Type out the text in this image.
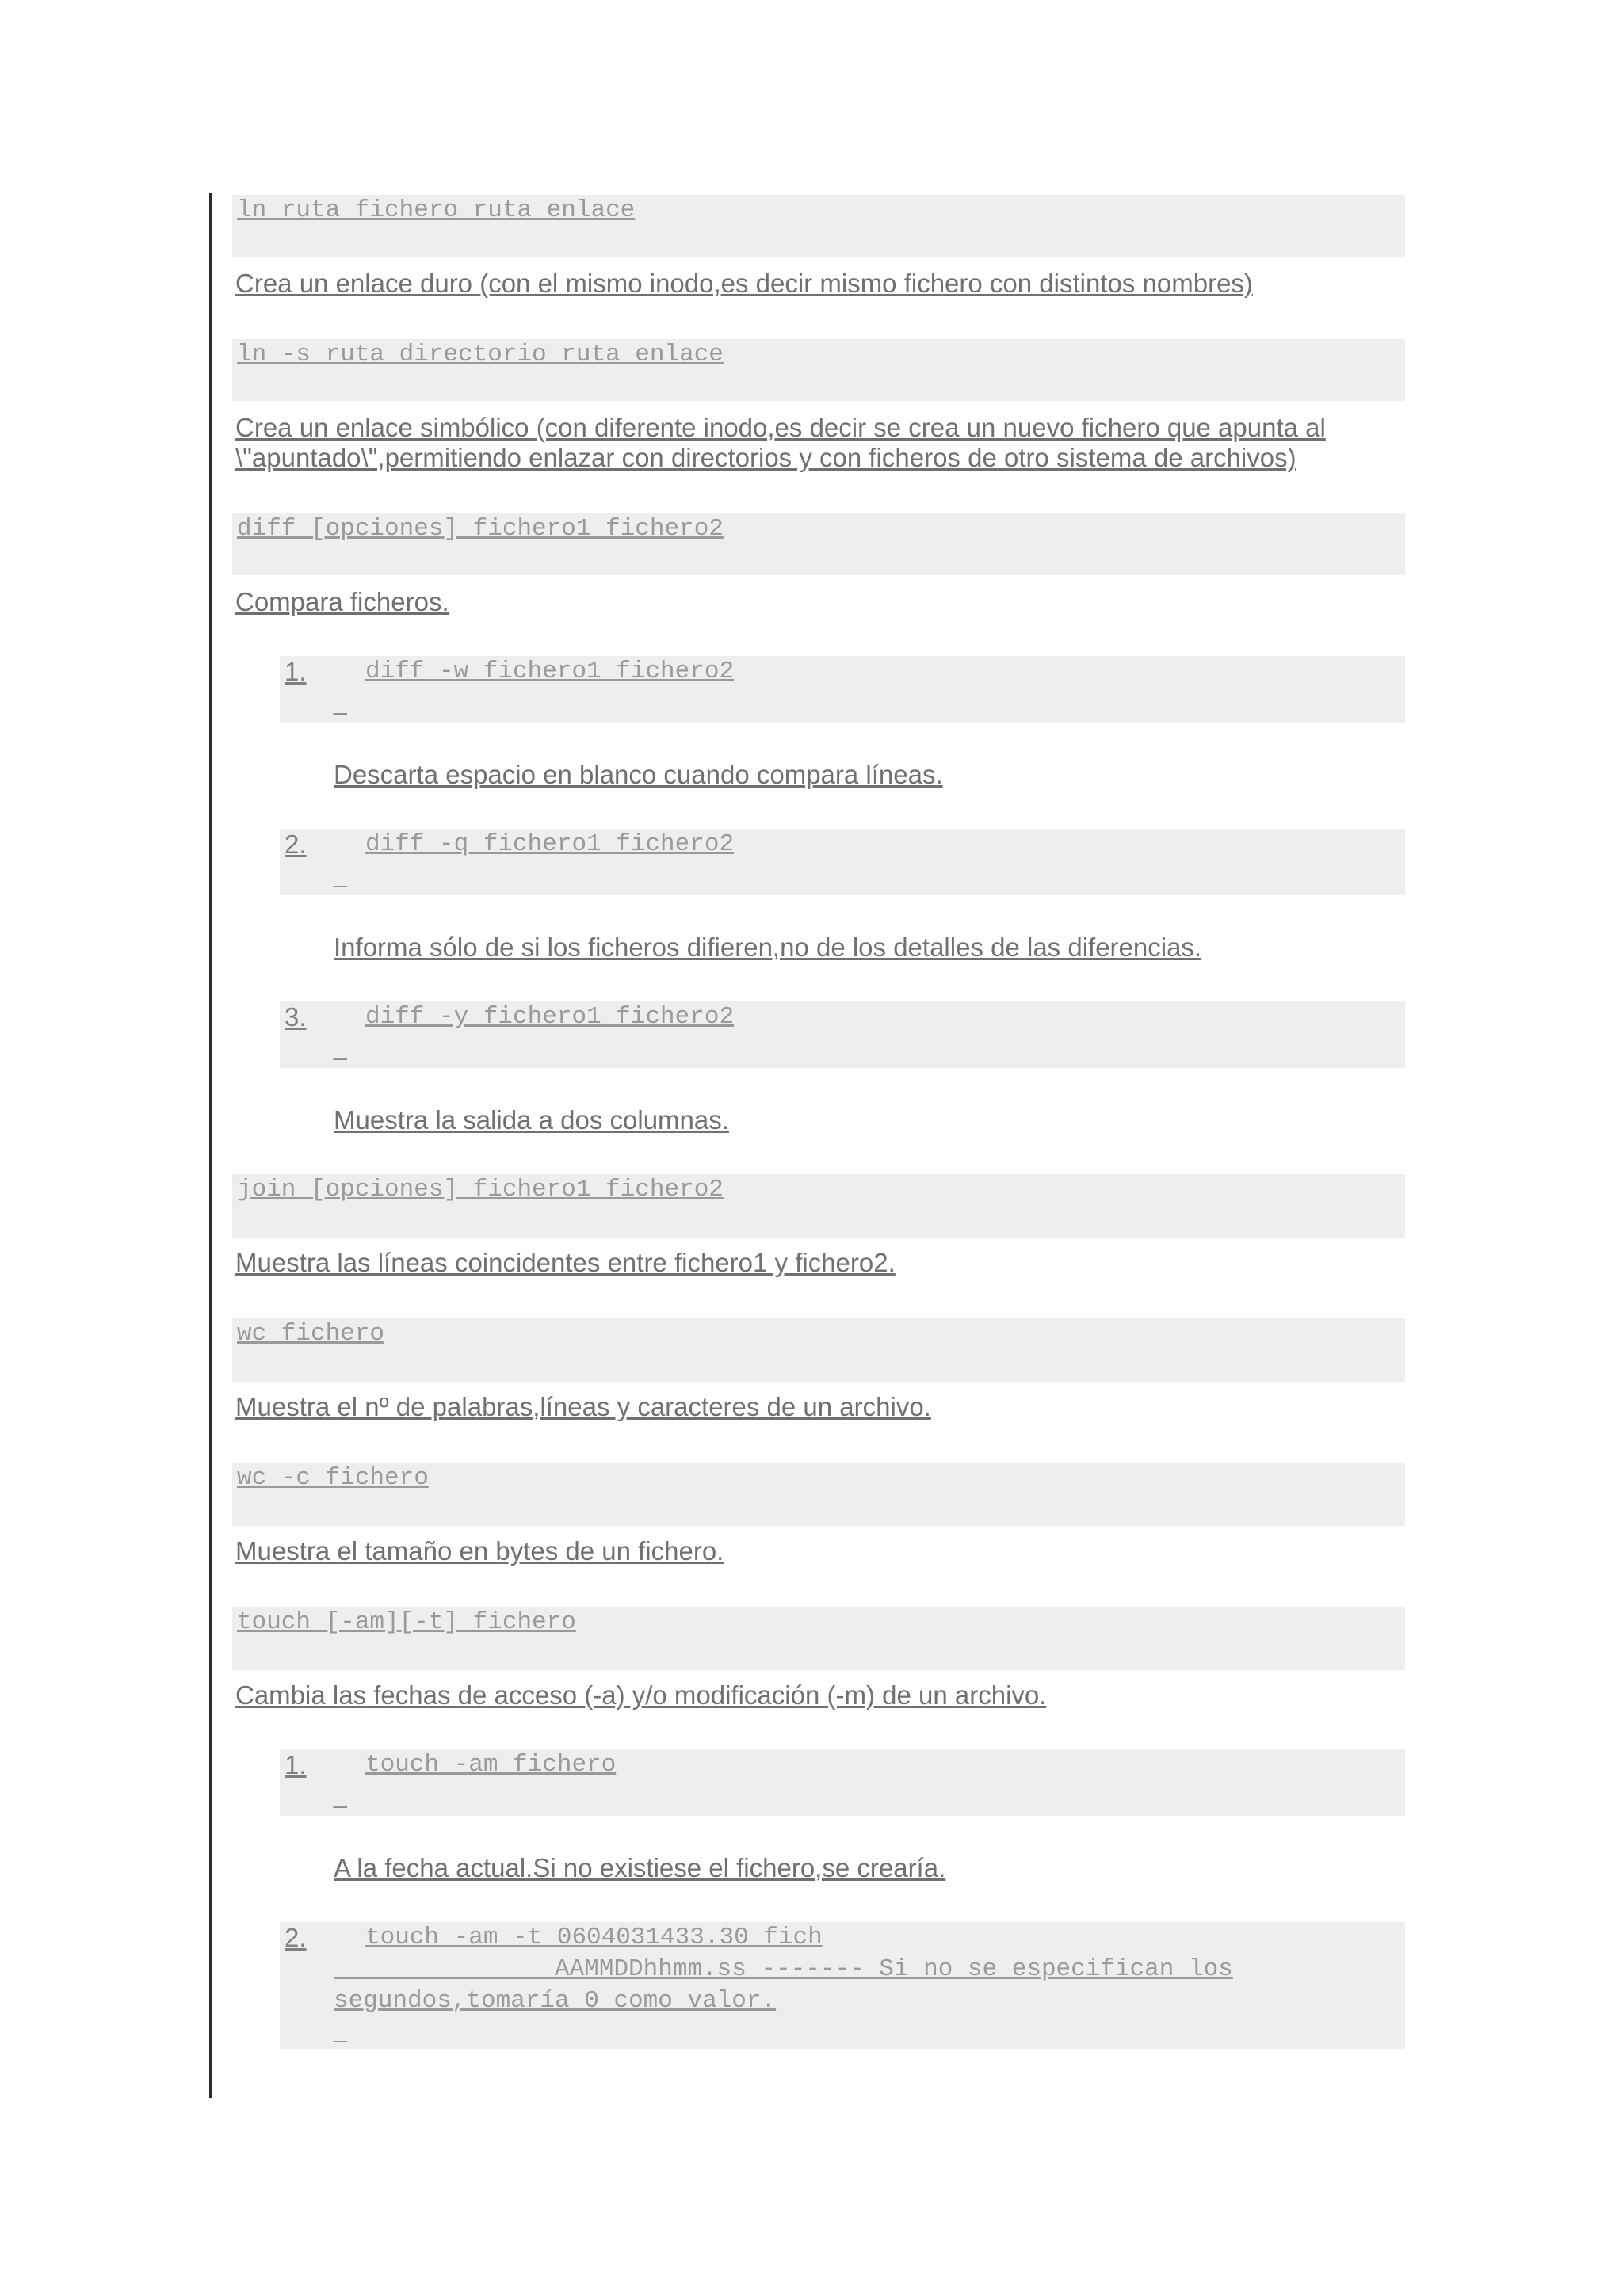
ln ruta fichero ruta enlace
Crea un enlace duro (con el mismo inodo,es decir mismo fichero con distintos nombres)
ln -s ruta directorio ruta enlace
Crea un enlace simbólico (con diferente inodo,es decir se crea un nuevo fichero que apunta al
\"apuntado\",permitiendo enlazar con directorios y con ficheros de otro sistema de archivos)
diff [opciones] fichero1 fichero2
Compara ficheros.
1. diff -w fichero1 fichero2
_
Descarta espacio en blanco cuando compara líneas.
2. diff -q fichero1 fichero2
_
Informa sólo de si los ficheros difieren,no de los detalles de las diferencias.
3. diff -y fichero1 fichero2
_
Muestra la salida a dos columnas.
join [opciones] fichero1 fichero2
Muestra las líneas coincidentes entre fichero1 y fichero2.
wc fichero
Muestra el nº de palabras,líneas y caracteres de un archivo.
wc -c fichero
Muestra el tamaño en bytes de un fichero.
touch [-am][-t] fichero
Cambia las fechas de acceso (-a) y/o modificación (-m) de un archivo.
1. touch -am fichero
_
A la fecha actual.Si no existiese el fichero,se crearía.
2. touch -am -t 0604031433.30 fich
AAMMDDhhmm.ss ------- Si no se especifican los
segundos,tomaría 0 como valor.
_
